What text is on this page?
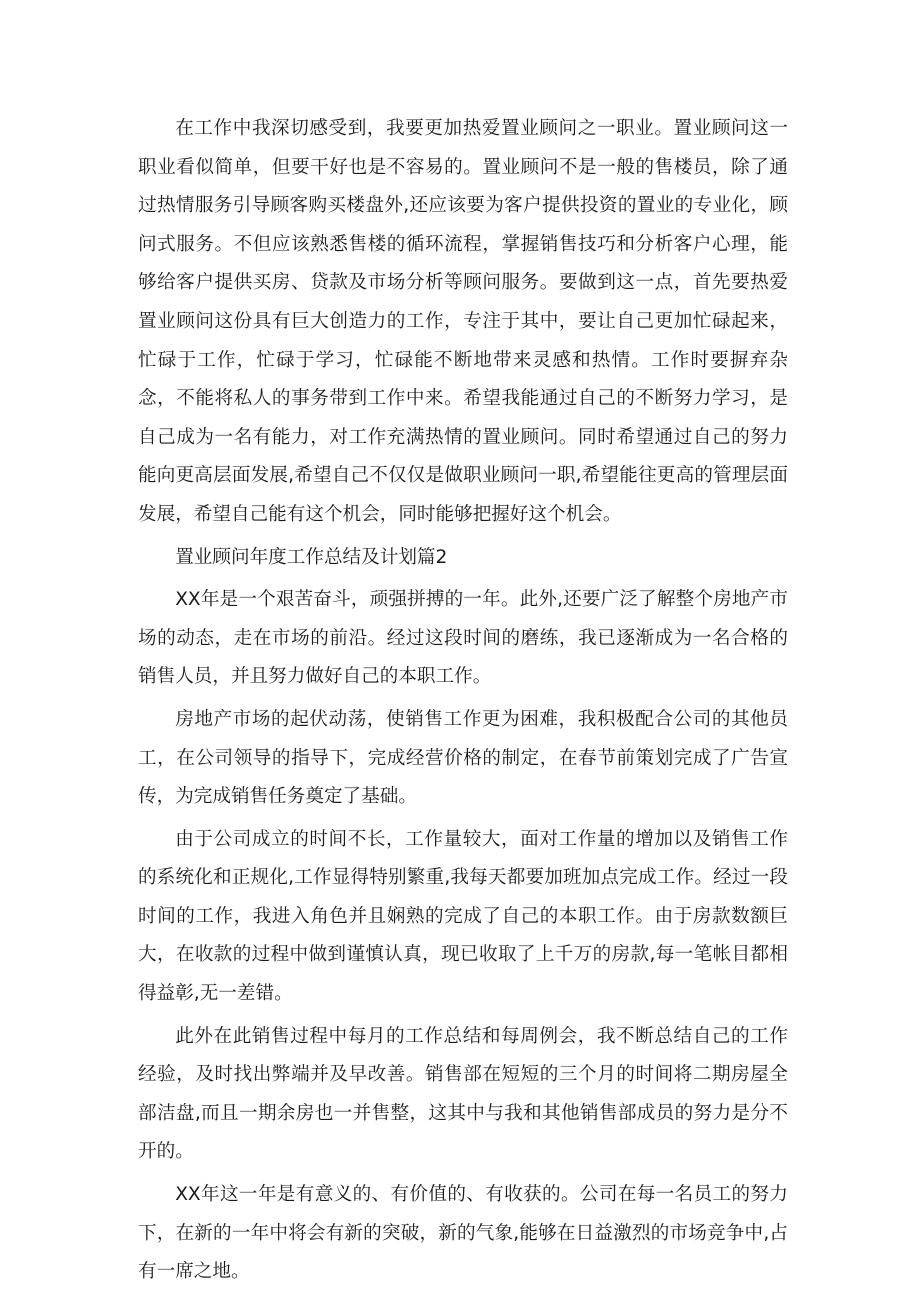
在工作中我深切感受到，我要更加热爱置业顾问之一职业。置业顾问这一职业看似简单，但要干好也是不容易的。置业顾问不是一般的售楼员，除了通过热情服务引导顾客购买楼盘外,还应该要为客户提供投资的置业的专业化，顾问式服务。不但应该熟悉售楼的循环流程，掌握销售技巧和分析客户心理，能够给客户提供买房、贷款及市场分析等顾问服务。要做到这一点，首先要热爱置业顾问这份具有巨大创造力的工作，专注于其中，要让自己更加忙碌起来，忙碌于工作，忙碌于学习，忙碌能不断地带来灵感和热情。工作时要摒弃杂念，不能将私人的事务带到工作中来。希望我能通过自己的不断努力学习，是自己成为一名有能力，对工作充满热情的置业顾问。同时希望通过自己的努力能向更高层面发展,希望自己不仅仅是做职业顾问一职,希望能往更高的管理层面发展，希望自己能有这个机会，同时能够把握好这个机会。

置业顾问年度工作总结及计划篇2

XX年是一个艰苦奋斗，顽强拼搏的一年。此外,还要广泛了解整个房地产市场的动态，走在市场的前沿。经过这段时间的磨练，我已逐渐成为一名合格的销售人员，并且努力做好自己的本职工作。

房地产市场的起伏动荡，使销售工作更为困难，我积极配合公司的其他员工，在公司领导的指导下，完成经营价格的制定，在春节前策划完成了广告宣传，为完成销售任务奠定了基础。

由于公司成立的时间不长，工作量较大，面对工作量的增加以及销售工作的系统化和正规化,工作显得特别繁重,我每天都要加班加点完成工作。经过一段时间的工作，我进入角色并且娴熟的完成了自己的本职工作。由于房款数额巨大，在收款的过程中做到谨慎认真，现已收取了上千万的房款,每一笔帐目都相得益彰,无一差错。

此外在此销售过程中每月的工作总结和每周例会，我不断总结自己的工作经验，及时找出弊端并及早改善。销售部在短短的三个月的时间将二期房屋全部洁盘,而且一期余房也一并售整，这其中与我和其他销售部成员的努力是分不开的。

XX年这一年是有意义的、有价值的、有收获的。公司在每一名员工的努力下，在新的一年中将会有新的突破，新的气象,能够在日益激烈的市场竞争中,占有一席之地。
